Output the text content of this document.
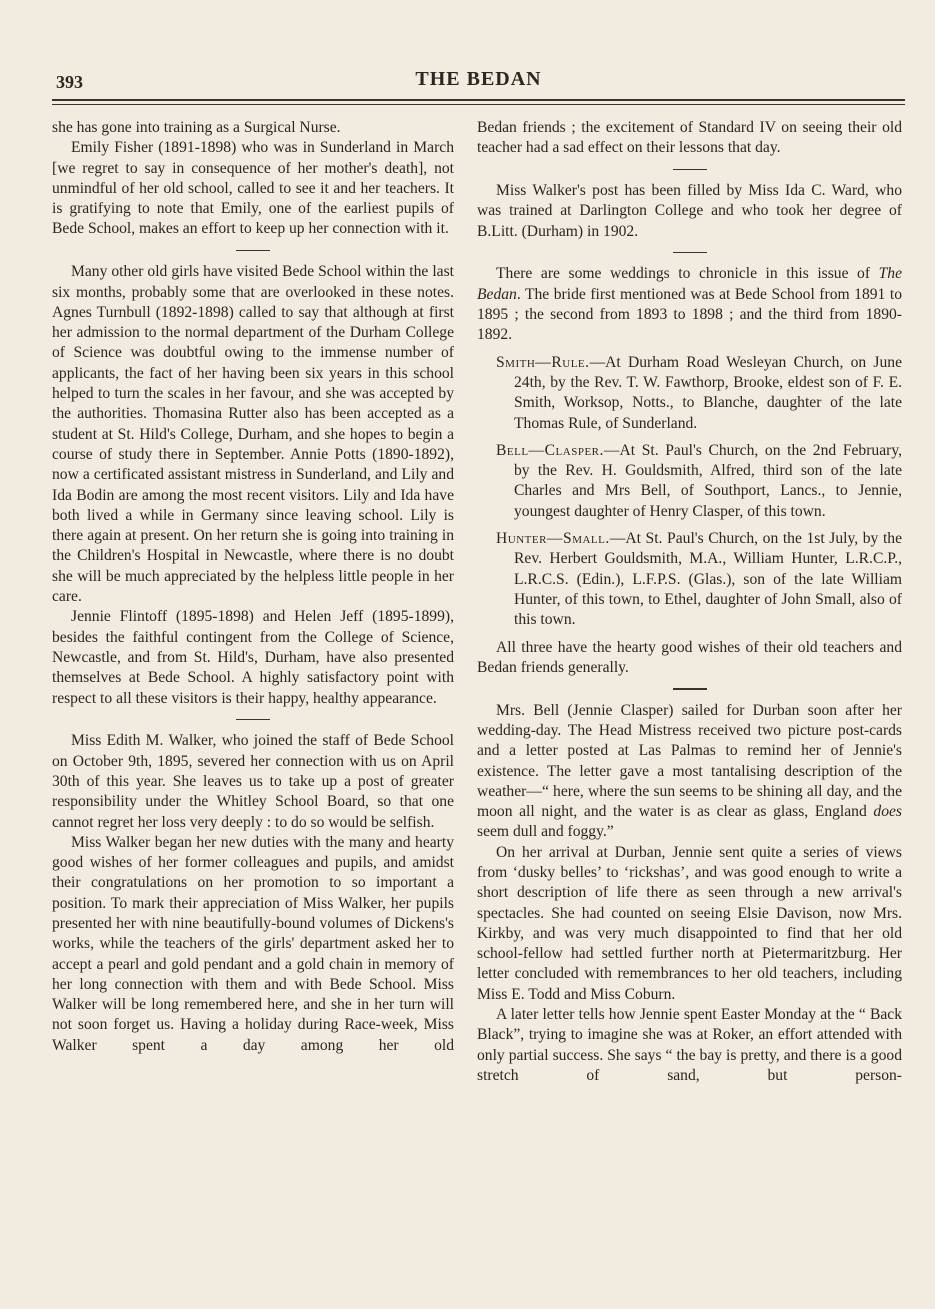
393	THE BEDAN

she has gone into training as a Surgical Nurse.

Emily Fisher (1891-1898) who was in Sunderland in March [we regret to say in consequence of her mother's death], not unmindful of her old school, called to see it and her teachers. It is gratifying to note that Emily, one of the earliest pupils of Bede School, makes an effort to keep up her connection with it.

Many other old girls have visited Bede School within the last six months, probably some that are overlooked in these notes. Agnes Turnbull (1892-1898) called to say that although at first her admission to the normal department of the Durham College of Science was doubtful owing to the immense number of applicants, the fact of her having been six years in this school helped to turn the scales in her favour, and she was accepted by the authorities. Thomasina Rutter also has been accepted as a student at St. Hild's College, Durham, and she hopes to begin a course of study there in September. Annie Potts (1890-1892), now a certificated assistant mistress in Sunderland, and Lily and Ida Bodin are among the most recent visitors. Lily and Ida have both lived a while in Germany since leaving school. Lily is there again at present. On her return she is going into training in the Children's Hospital in Newcastle, where there is no doubt she will be much appreciated by the helpless little people in her care.

Jennie Flintoff (1895-1898) and Helen Jeff (1895-1899), besides the faithful contingent from the College of Science, Newcastle, and from St. Hild's, Durham, have also presented themselves at Bede School. A highly satisfactory point with respect to all these visitors is their happy, healthy appearance.

Miss Edith M. Walker, who joined the staff of Bede School on October 9th, 1895, severed her connection with us on April 30th of this year. She leaves us to take up a post of greater responsibility under the Whitley School Board, so that one cannot regret her loss very deeply : to do so would be selfish.

Miss Walker began her new duties with the many and hearty good wishes of her former colleagues and pupils, and amidst their congratulations on her promotion to so important a position. To mark their appreciation of Miss Walker, her pupils presented her with nine beautifully-bound volumes of Dickens's works, while the teachers of the girls' department asked her to accept a pearl and gold pendant and a gold chain in memory of her long connection with them and with Bede School. Miss Walker will be long remembered here, and she in her turn will not soon forget us. Having a holiday during Race-week, Miss Walker spent a day among her old

Bedan friends ; the excitement of Standard IV on seeing their old teacher had a sad effect on their lessons that day.

Miss Walker's post has been filled by Miss Ida C. Ward, who was trained at Darlington College and who took her degree of B.Litt. (Durham) in 1902.

There are some weddings to chronicle in this issue of The Bedan. The bride first mentioned was at Bede School from 1891 to 1895 ; the second from 1893 to 1898 ; and the third from 1890-1892.

Smith—Rule.—At Durham Road Wesleyan Church, on June 24th, by the Rev. T. W. Fawthorp, Brooke, eldest son of F. E. Smith, Worksop, Notts., to Blanche, daughter of the late Thomas Rule, of Sunderland.

Bell—Clasper.—At St. Paul's Church, on the 2nd February, by the Rev. H. Gouldsmith, Alfred, third son of the late Charles and Mrs Bell, of Southport, Lancs., to Jennie, youngest daughter of Henry Clasper, of this town.

Hunter—Small.—At St. Paul's Church, on the 1st July, by the Rev. Herbert Gouldsmith, M.A., William Hunter, L.R.C.P., L.R.C.S. (Edin.), L.F.P.S. (Glas.), son of the late William Hunter, of this town, to Ethel, daughter of John Small, also of this town.

All three have the hearty good wishes of their old teachers and Bedan friends generally.

Mrs. Bell (Jennie Clasper) sailed for Durban soon after her wedding-day. The Head Mistress received two picture post-cards and a letter posted at Las Palmas to remind her of Jennie's existence. The letter gave a most tantalising description of the weather—“ here, where the sun seems to be shining all day, and the moon all night, and the water is as clear as glass, England does seem dull and foggy.”

On her arrival at Durban, Jennie sent quite a series of views from ‘dusky belles’ to ‘rickshas’, and was good enough to write a short description of life there as seen through a new arrival's spectacles. She had counted on seeing Elsie Davison, now Mrs. Kirkby, and was very much disappointed to find that her old school-fellow had settled further north at Pietermaritzburg. Her letter concluded with remembrances to her old teachers, including Miss E. Todd and Miss Coburn.

A later letter tells how Jennie spent Easter Monday at the “ Back Black”, trying to imagine she was at Roker, an effort attended with only partial success. She says “ the bay is pretty, and there is a good stretch of sand, but person-
